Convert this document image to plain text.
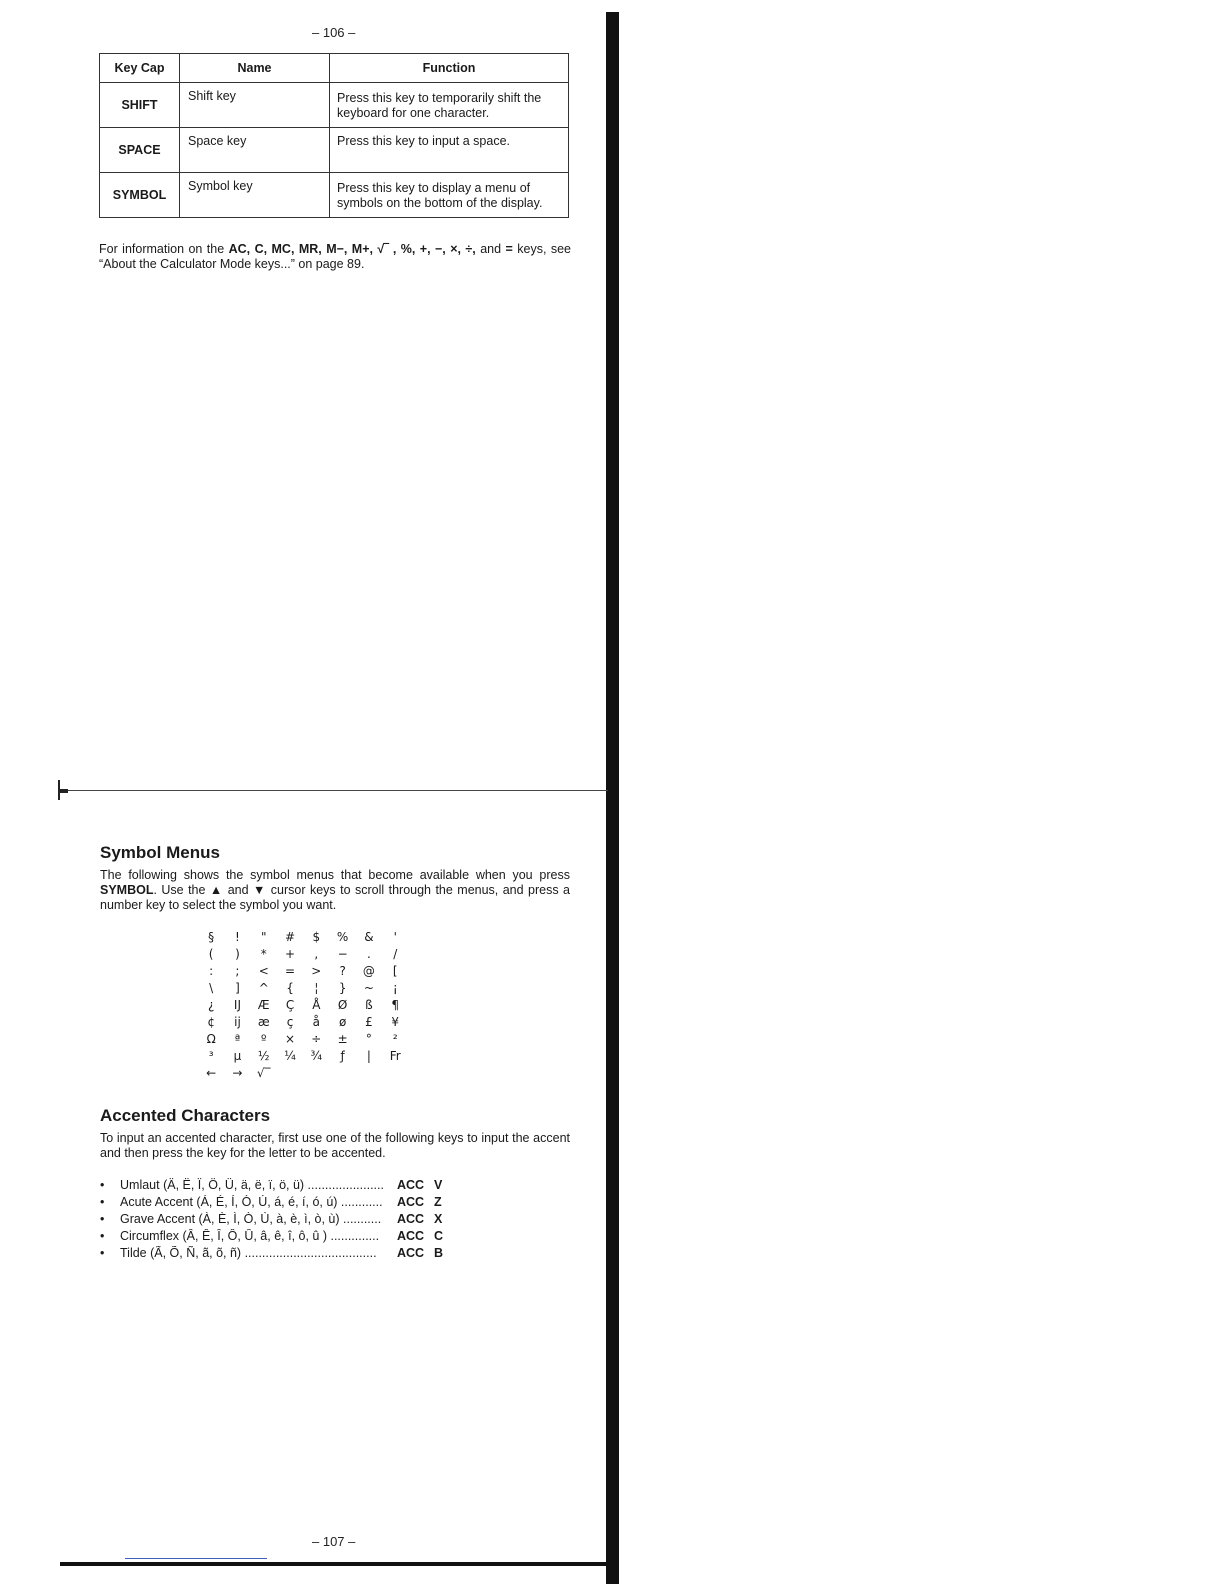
– 106 –
Key Cap	Name	Function
SHIFT	Shift key	Press this key to temporarily shift the keyboard for one character.
SPACE	Space key	Press this key to input a space.
SYMBOL	Symbol key	Press this key to display a menu of symbols on the bottom of the display.
For information on the AC, C, MC, MR, M−, M+, √‾ , %, +, −, ×, ÷, and = keys, see “About the Calculator Mode keys...” on page 89.
Symbol Menus
The following shows the symbol menus that become available when you press SYMBOL. Use the ▲ and ▼ cursor keys to scroll through the menus, and press a number key to select the symbol you want.
§	!	"	#	$	%	&	'
(	)	*	+	,	−	.	/
:	;	<	=	>	?	@	[
\	]	^	{	¦	}	~	¡
¿	IJ	Æ	Ç	Å	Ø	ß	¶
¢	ij	æ	ç	å	ø	£	¥
Ω	ª	º	×	÷	±	°	²
³	µ	½	¼	¾	ƒ	|	Fr
←	→	√‾
Accented Characters
To input an accented character, first use one of the following keys to input the accent and then press the key for the letter to be accented.
•	Umlaut (Ä, Ë, Ï, Ö, Ü, ä, ë, ï, ö, ü) ......................	ACC V
•	Acute Accent (Á, É, Í, Ó, Ú, á, é, í, ó, ú) ............	ACC Z
•	Grave Accent (À, È, Ì, Ò, Ù, à, è, ì, ò, ù) ...........	ACC X
•	Circumflex (Â, Ê, Î, Ô, Û, â, ê, î, ô, û ) ..............	ACC C
•	Tilde (Ã, Õ, Ñ, ã, õ, ñ) ......................................	ACC B
– 107 –
